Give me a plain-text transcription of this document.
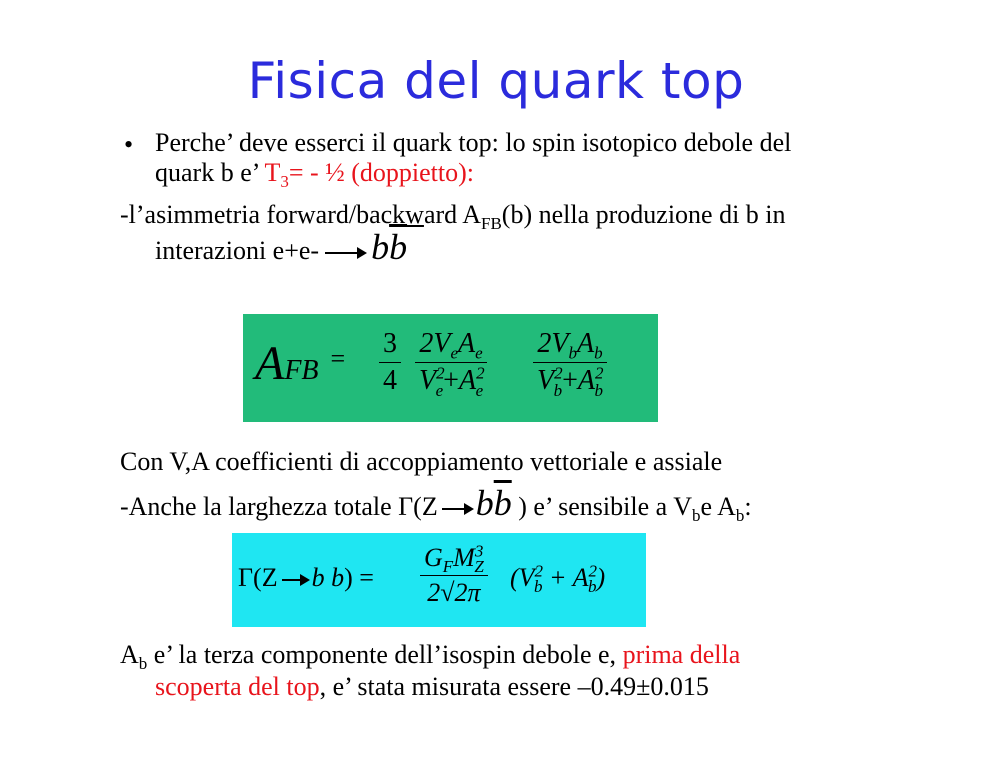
Fisica del quark top
• Perche’ deve esserci il quark top: lo spin isotopico debole del
quark b e’ $T_3=$ - ½ (doppietto):
-l’asimmetria forward/backward $A_{FB}(b)$ nella produzione di b in
interazioni e+e- $b\overline{b}$
AFB =	$\frac{3}{4} \frac{2V_eA_e}{V^2_e+A^2_e} \frac{2V_bA_b}{V^2_b+A^2_b}$
Con V,A coefficienti di accoppiamento vettoriale e assiale
-Anche la larghezza totale Γ(Z $b\overline{b}$ ) e’ sensibile a $V_be$ $A_b$:
Γ(Z b $b) = \frac{G_FM^3_Z}{2√2\pi} (V^2_b + A^2_b)$
$A_b$ e’ la terza componente dell’isospin debole e, prima della
scoperta del top, e’ stata misurata essere –0.49±0.015
